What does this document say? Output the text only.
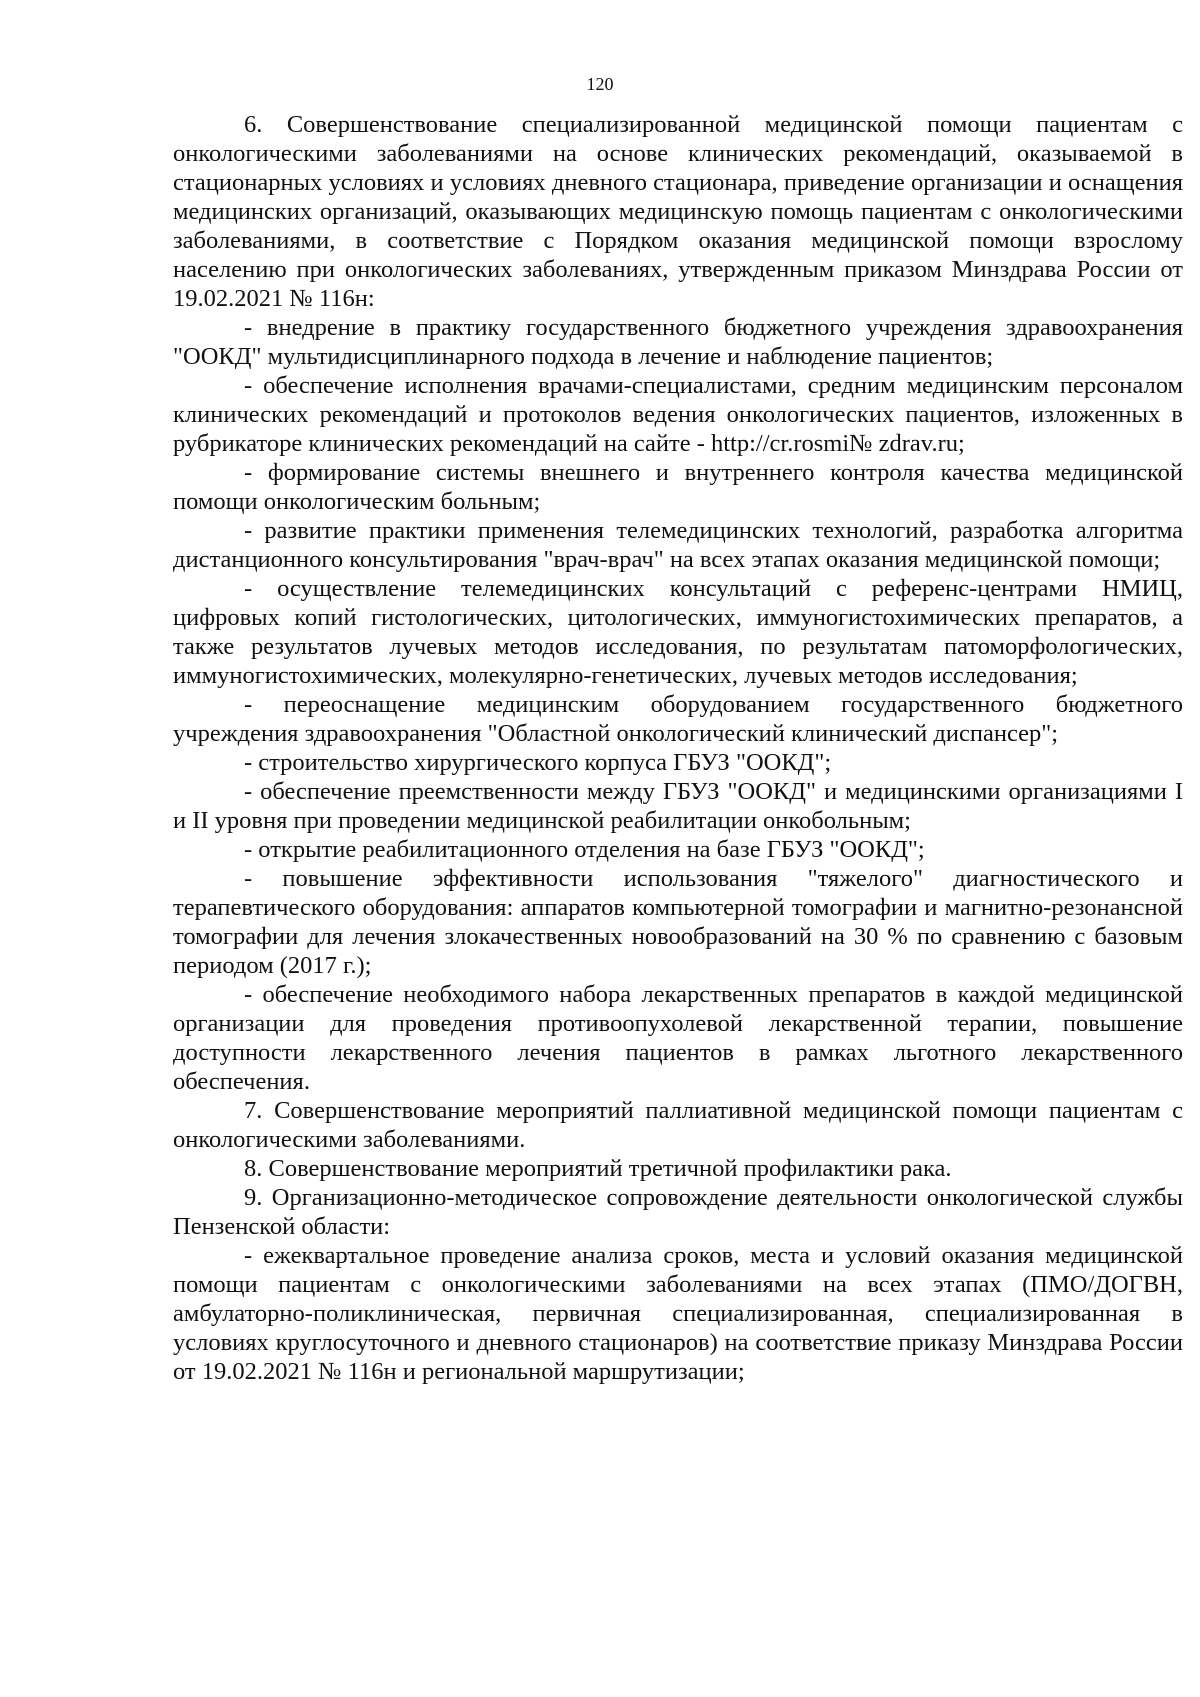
120

6. Совершенствование специализированной медицинской помощи пациентам с онкологическими заболеваниями на основе клинических рекомендаций, оказываемой в стационарных условиях и условиях дневного стационара, приведение организации и оснащения медицинских организаций, оказывающих медицинскую помощь пациентам с онкологическими заболеваниями, в соответствие с Порядком оказания медицинской помощи взрослому населению при онкологических заболеваниях, утвержденным приказом Минздрава России от 19.02.2021 № 116н:

- внедрение в практику государственного бюджетного учреждения здравоохранения "ООКД" мультидисциплинарного подхода в лечение и наблюдение пациентов;

- обеспечение исполнения врачами-специалистами, средним медицинским персоналом клинических рекомендаций и протоколов ведения онкологических пациентов, изложенных в рубрикаторе клинических рекомендаций на сайте - http://cr.rosmi№ zdrav.ru;

- формирование системы внешнего и внутреннего контроля качества медицинской помощи онкологическим больным;

- развитие практики применения телемедицинских технологий, разработка алгоритма дистанционного консультирования "врач-врач" на всех этапах оказания медицинской помощи;

- осуществление телемедицинских консультаций с референс-центрами НМИЦ, цифровых копий гистологических, цитологических, иммуногистохимических препаратов, а также результатов лучевых методов исследования, по результатам патоморфологических, иммуногистохимических, молекулярно-генетических, лучевых методов исследования;

- переоснащение медицинским оборудованием государственного бюджетного учреждения здравоохранения "Областной онкологический клинический диспансер";

- строительство хирургического корпуса ГБУЗ "ООКД";

- обеспечение преемственности между ГБУЗ "ООКД" и медицинскими организациями I и II уровня при проведении медицинской реабилитации онкобольным;

- открытие реабилитационного отделения на базе ГБУЗ "ООКД";

- повышение эффективности использования "тяжелого" диагностического и терапевтического оборудования: аппаратов компьютерной томографии и магнитно-резонансной томографии для лечения злокачественных новообразований на 30 % по сравнению с базовым периодом (2017 г.);

- обеспечение необходимого набора лекарственных препаратов в каждой медицинской организации для проведения противоопухолевой лекарственной терапии, повышение доступности лекарственного лечения пациентов в рамках льготного лекарственного обеспечения.

7. Совершенствование мероприятий паллиативной медицинской помощи пациентам с онкологическими заболеваниями.

8. Совершенствование мероприятий третичной профилактики рака.

9. Организационно-методическое сопровождение деятельности онкологической службы Пензенской области:

- ежеквартальное проведение анализа сроков, места и условий оказания медицинской помощи пациентам с онкологическими заболеваниями на всех этапах (ПМО/ДОГВН, амбулаторно-поликлиническая, первичная специализированная, специализированная в условиях круглосуточного и дневного стационаров) на соответствие приказу Минздрава России от 19.02.2021 № 116н и региональной маршрутизации;
